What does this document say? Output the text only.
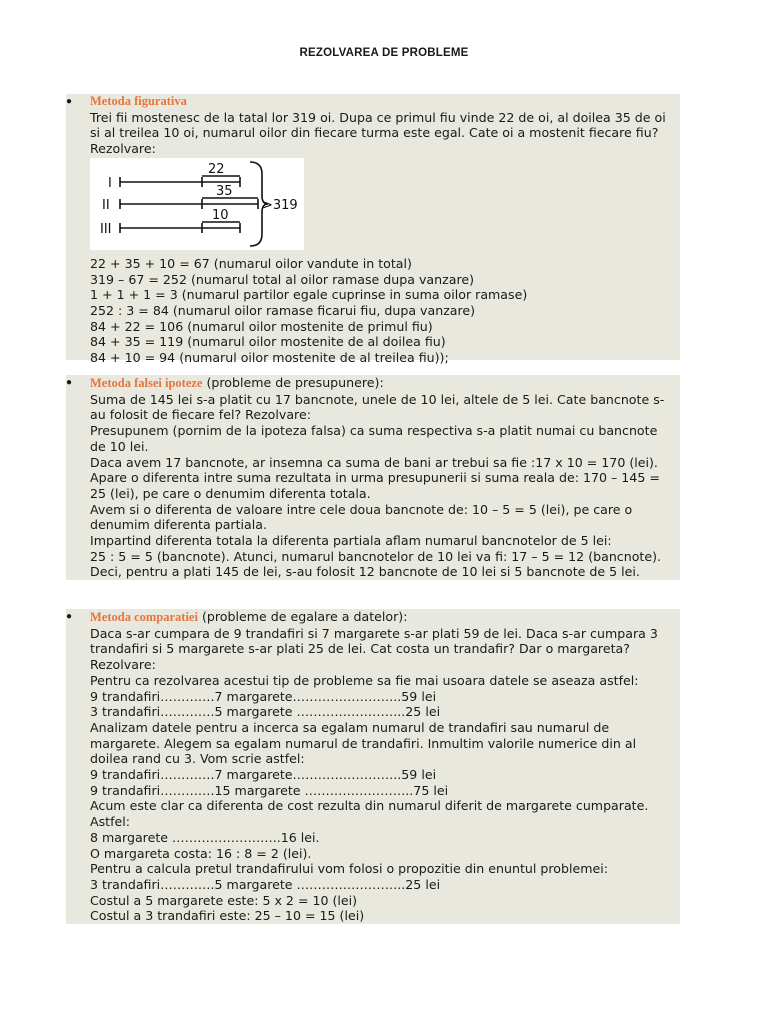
REZOLVAREA DE PROBLEME
● Metoda figurativa
Trei fii mostenesc de la tatal lor 319 oi. Dupa ce primul fiu vinde 22 de oi, al doilea 35 de oi
si al treilea 10 oi, numarul oilor din fiecare turma este egal. Cate oi a mostenit fiecare fiu?
Rezolvare:
I
II
III
22
35
10
>319
22 + 35 + 10 = 67 (numarul oilor vandute in total)
319 – 67 = 252 (numarul total al oilor ramase dupa vanzare)
1 + 1 + 1 = 3 (numarul partilor egale cuprinse in suma oilor ramase)
252 : 3 = 84 (numarul oilor ramase ficarui fiu, dupa vanzare)
84 + 22 = 106 (numarul oilor mostenite de primul fiu)
84 + 35 = 119 (numarul oilor mostenite de al doilea fiu)
84 + 10 = 94 (numarul oilor mostenite de al treilea fiu));
● Metoda falsei ipoteze (probleme de presupunere):
Suma de 145 lei s-a platit cu 17 bancnote, unele de 10 lei, altele de 5 lei. Cate bancnote s-
au folosit de fiecare fel? Rezolvare:
Presupunem (pornim de la ipoteza falsa) ca suma respectiva s-a platit numai cu bancnote
de 10 lei.
Daca avem 17 bancnote, ar insemna ca suma de bani ar trebui sa fie :17 x 10 = 170 (lei).
Apare o diferenta intre suma rezultata in urma presupunerii si suma reala de: 170 – 145 =
25 (lei), pe care o denumim diferenta totala.
Avem si o diferenta de valoare intre cele doua bancnote de: 10 – 5 = 5 (lei), pe care o
denumim diferenta partiala.
Impartind diferenta totala la diferenta partiala aflam numarul bancnotelor de 5 lei:
25 : 5 = 5 (bancnote). Atunci, numarul bancnotelor de 10 lei va fi: 17 – 5 = 12 (bancnote).
Deci, pentru a plati 145 de lei, s-au folosit 12 bancnote de 10 lei si 5 bancnote de 5 lei.
● Metoda comparatiei (probleme de egalare a datelor):
Daca s-ar cumpara de 9 trandafiri si 7 margarete s-ar plati 59 de lei. Daca s-ar cumpara 3
trandafiri si 5 margarete s-ar plati 25 de lei. Cat costa un trandafir? Dar o margareta?
Rezolvare:
Pentru ca rezolvarea acestui tip de probleme sa fie mai usoara datele se aseaza astfel:
9 trandafiri………….7 margarete……………………..59 lei
3 trandafiri………….5 margarete ……………………..25 lei
Analizam datele pentru a incerca sa egalam numarul de trandafiri sau numarul de
margarete. Alegem sa egalam numarul de trandafiri. Inmultim valorile numerice din al
doilea rand cu 3. Vom scrie astfel:
9 trandafiri………….7 margarete……………………..59 lei
9 trandafiri………….15 margarete ……………………..75 lei
Acum este clar ca diferenta de cost rezulta din numarul diferit de margarete cumparate.
Astfel:
8 margarete ……………………..16 lei.
O margareta costa: 16 : 8 = 2 (lei).
Pentru a calcula pretul trandafirului vom folosi o propozitie din enuntul problemei:
3 trandafiri………….5 margarete ……………………..25 lei
Costul a 5 margarete este: 5 x 2 = 10 (lei)
Costul a 3 trandafiri este: 25 – 10 = 15 (lei)
